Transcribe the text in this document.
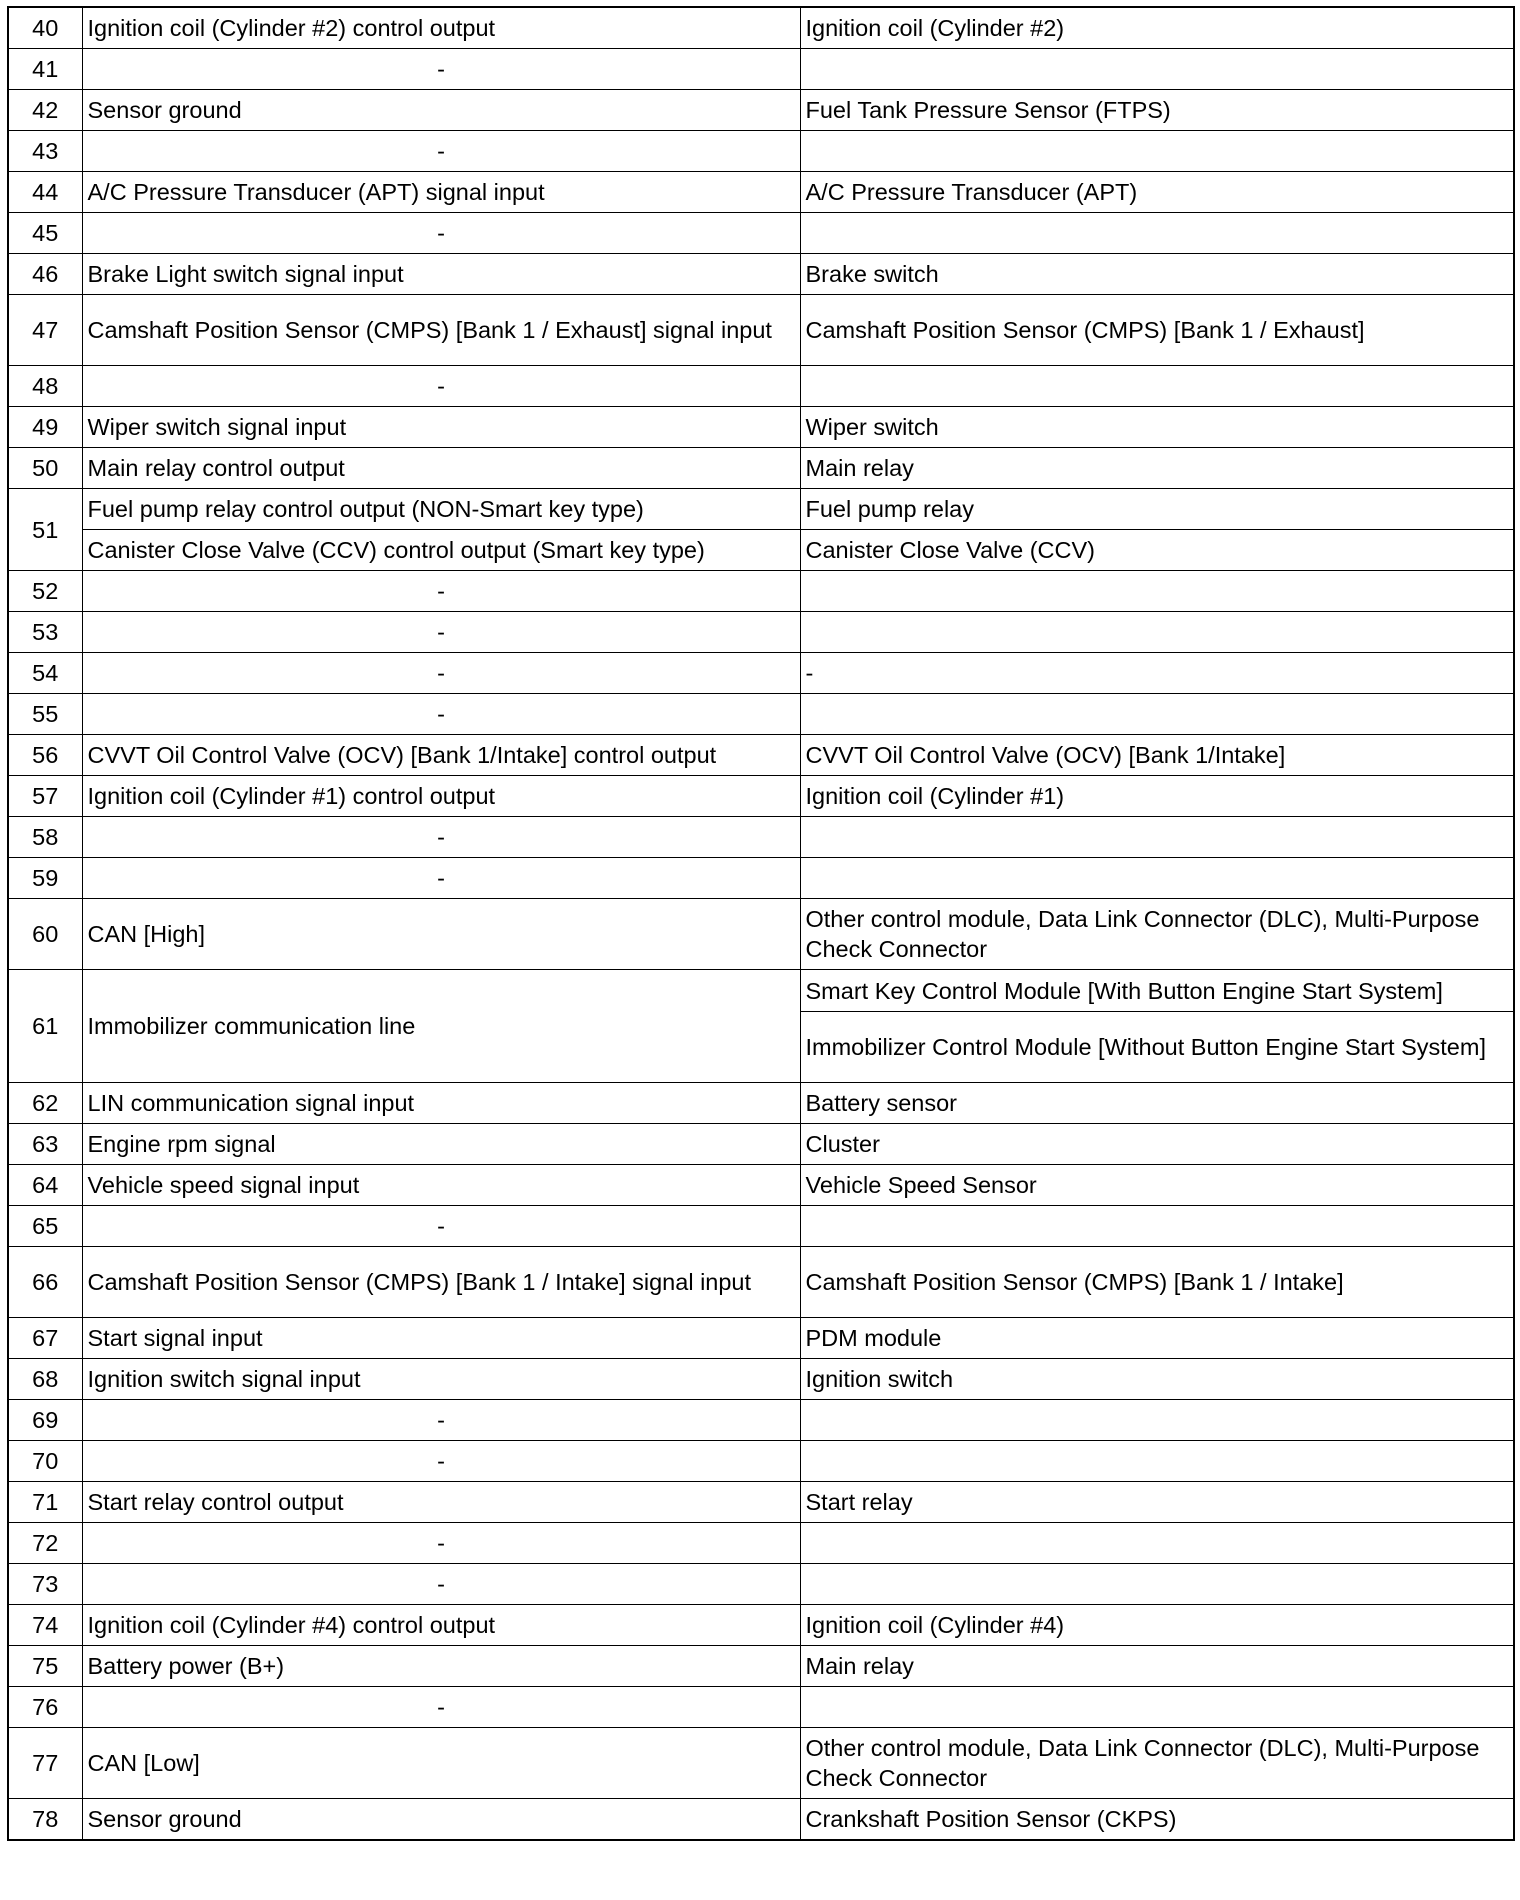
40	Ignition coil (Cylinder #2) control output	Ignition coil (Cylinder #2)
41	-	
42	Sensor ground	Fuel Tank Pressure Sensor (FTPS)
43	-	
44	A/C Pressure Transducer (APT) signal input	A/C Pressure Transducer (APT)
45	-	
46	Brake Light switch signal input	Brake switch
47	Camshaft Position Sensor (CMPS) [Bank 1 / Exhaust] signal input	Camshaft Position Sensor (CMPS) [Bank 1 / Exhaust]
48	-	
49	Wiper switch signal input	Wiper switch
50	Main relay control output	Main relay
51	Fuel pump relay control output (NON-Smart key type)	Fuel pump relay
	Canister Close Valve (CCV) control output (Smart key type)	Canister Close Valve (CCV)
52	-	
53	-	
54	-	-
55	-	
56	CVVT Oil Control Valve (OCV) [Bank 1/Intake] control output	CVVT Oil Control Valve (OCV) [Bank 1/Intake]
57	Ignition coil (Cylinder #1) control output	Ignition coil (Cylinder #1)
58	-	
59	-	
60	CAN [High]	Other control module, Data Link Connector (DLC), Multi-Purpose Check Connector
61	Immobilizer communication line	Smart Key Control Module [With Button Engine Start System]
		Immobilizer Control Module [Without Button Engine Start System]
62	LIN communication signal input	Battery sensor
63	Engine rpm signal	Cluster
64	Vehicle speed signal input	Vehicle Speed Sensor
65	-	
66	Camshaft Position Sensor (CMPS) [Bank 1 / Intake] signal input	Camshaft Position Sensor (CMPS) [Bank 1 / Intake]
67	Start signal input	PDM module
68	Ignition switch signal input	Ignition switch
69	-	
70	-	
71	Start relay control output	Start relay
72	-	
73	-	
74	Ignition coil (Cylinder #4) control output	Ignition coil (Cylinder #4)
75	Battery power (B+)	Main relay
76	-	
77	CAN [Low]	Other control module, Data Link Connector (DLC), Multi-Purpose Check Connector
78	Sensor ground	Crankshaft Position Sensor (CKPS)
